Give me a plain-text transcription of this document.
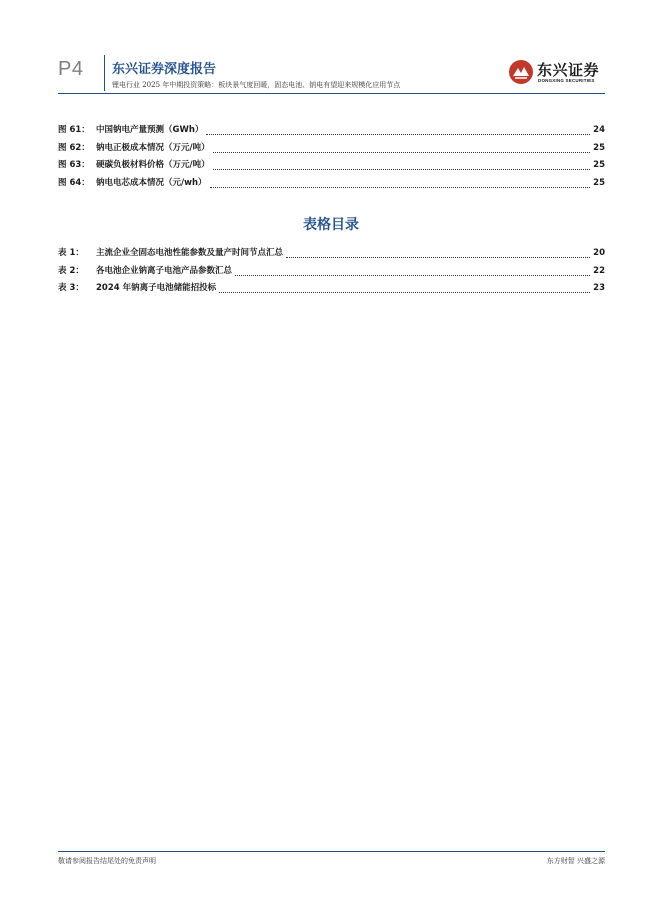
P4 东兴证券深度报告
锂电行业 2025 年中期投资策略：板块景气度回暖，固态电池、钠电有望迎来规模化应用节点
东兴证券
DONGXING SECURITIES
图 61： 中国钠电产量预测（GWh）	24
图 62： 钠电正极成本情况（万元/吨）	25
图 63： 硬碳负极材料价格（万元/吨）	25
图 64： 钠电电芯成本情况（元/wh）	25
表格目录
表 1：	主流企业全固态电池性能参数及量产时间节点汇总	20
表 2：	各电池企业钠离子电池产品参数汇总	22
表 3：	2024 年钠离子电池储能招投标	23
敬请参阅报告结尾处的免责声明	东方财智 兴盛之源
